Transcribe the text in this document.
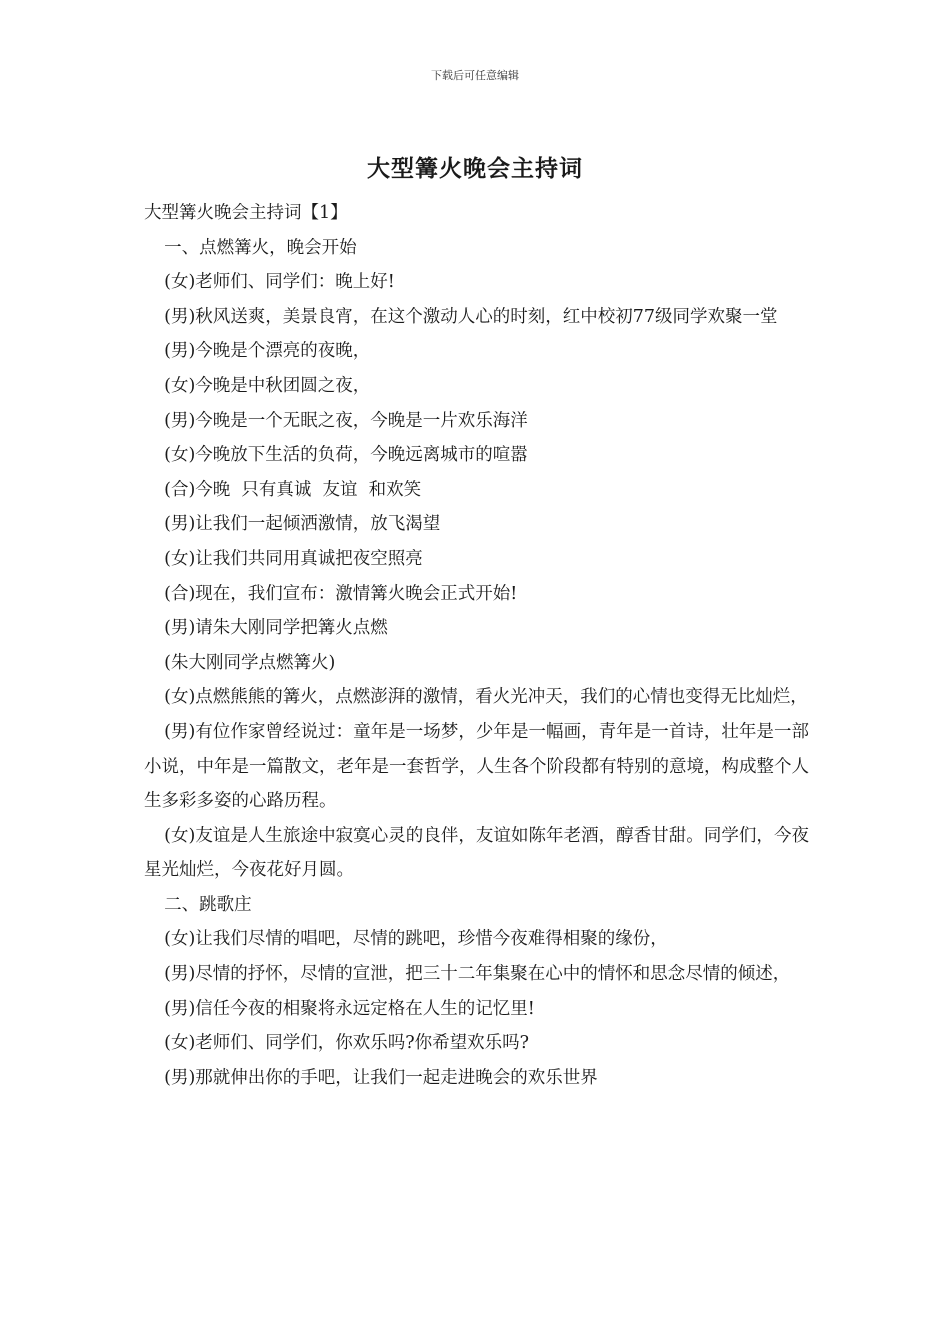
下载后可任意编辑
大型篝火晚会主持词

大型篝火晚会主持词【1】

一、点燃篝火，晚会开始

(女)老师们、同学们：晚上好!

(男)秋风送爽，美景良宵，在这个激动人心的时刻，红中校初77级同学欢聚一堂

(男)今晚是个漂亮的夜晚，

(女)今晚是中秋团圆之夜，

(男)今晚是一个无眠之夜，今晚是一片欢乐海洋

(女)今晚放下生活的负荷，今晚远离城市的喧嚣

(合)今晚  只有真诚  友谊  和欢笑

(男)让我们一起倾洒激情，放飞渴望

(女)让我们共同用真诚把夜空照亮

(合)现在，我们宣布：激情篝火晚会正式开始!

(男)请朱大刚同学把篝火点燃

(朱大刚同学点燃篝火)

(女)点燃熊熊的篝火，点燃澎湃的激情，看火光冲天，我们的心情也变得无比灿烂，

(男)有位作家曾经说过：童年是一场梦，少年是一幅画，青年是一首诗，壮年是一部小说，中年是一篇散文，老年是一套哲学，人生各个阶段都有特别的意境，构成整个人生多彩多姿的心路历程。

(女)友谊是人生旅途中寂寞心灵的良伴，友谊如陈年老酒，醇香甘甜。同学们，今夜星光灿烂，今夜花好月圆。

二、跳歌庄

(女)让我们尽情的唱吧，尽情的跳吧，珍惜今夜难得相聚的缘份，

(男)尽情的抒怀，尽情的宣泄，把三十二年集聚在心中的情怀和思念尽情的倾述，

(男)信任今夜的相聚将永远定格在人生的记忆里!

(女)老师们、同学们，你欢乐吗?你希望欢乐吗?

(男)那就伸出你的手吧，让我们一起走进晚会的欢乐世界
